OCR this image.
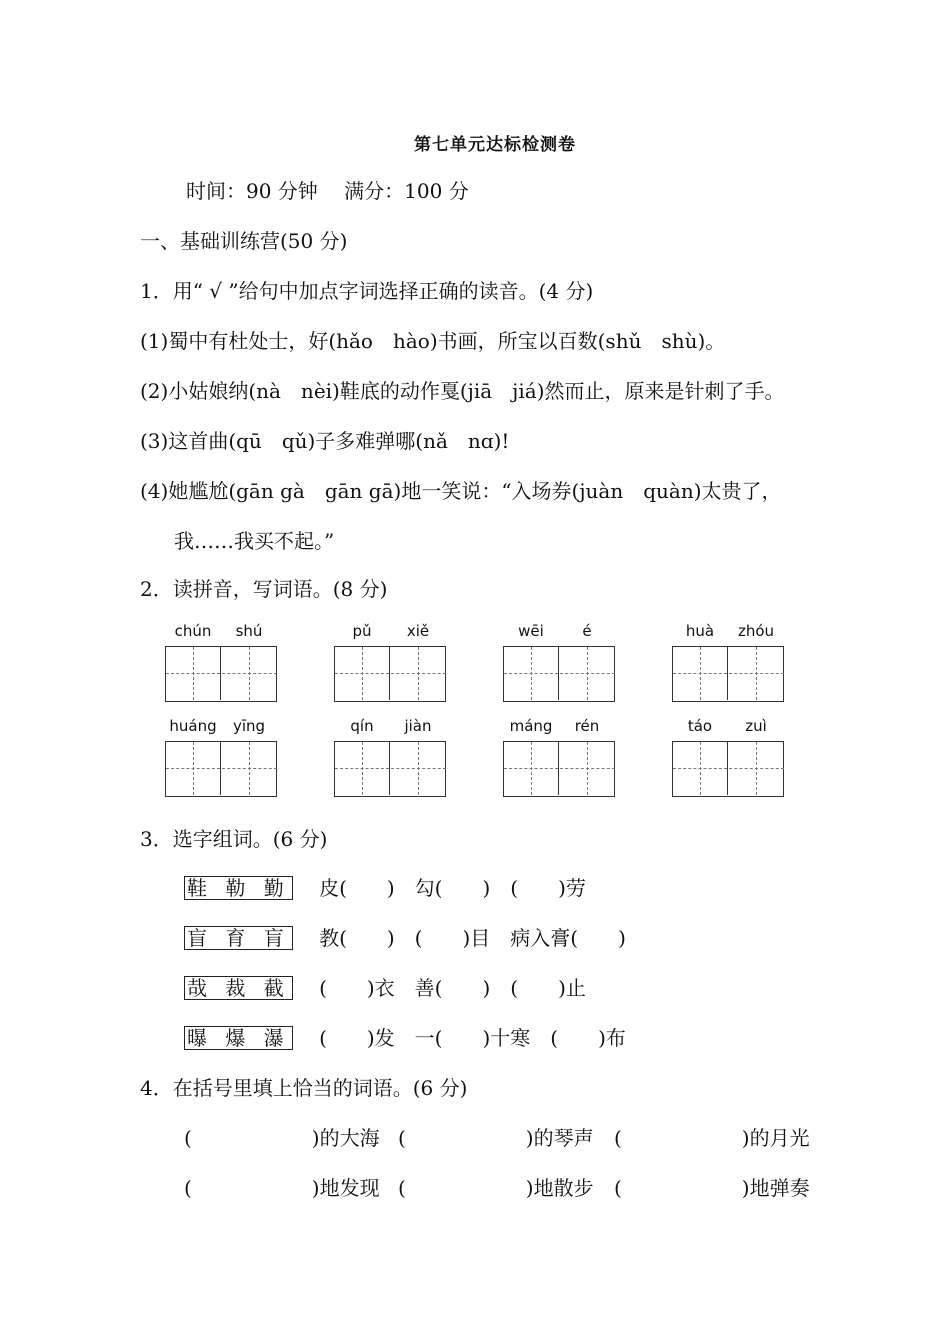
第七单元达标检测卷
时间：90 分钟　 满分：100 分
一、基础训练营(50 分)
1．用“ √ ”给句中加点字词选择正确的读音。(4 分)
(1)蜀中有杜处士，好(hǎo　hào)书画，所宝以百数(shǔ　shù)。
(2)小姑娘纳(nà　nèi)鞋底的动作戛(jiā　jiá)然而止，原来是针刺了手。
(3)这首曲(qū　qǔ)子多难弹哪(nǎ　nɑ)!
(4)她尴尬(gān gà　gān gā)地一笑说：“入场券(juàn　quàn)太贵了，
我……我买不起。”
2．读拼音，写词语。(8 分)
chún	shú	pǔ	xiě	wēi	é	huà	zhóu
huáng	yīng	qín	jiàn	máng	rén	táo	zuì
3．选字组词。(6 分)
鞋 勒 勤 皮(　　)　勾(　　)　(　　)劳
盲 育 肓 教(　　)　(　　)目　病入膏(　　)
哉 裁 截 (　　)衣　善(　　)　(　　)止
曝 爆 瀑 (　　)发　一(　　)十寒　(　　)布
4．在括号里填上恰当的词语。(6 分)
(　　　　　　)的大海 (　　　　　　)的琴声 (　　　　　　)的月光
(　　　　　　)地发现 (　　　　　　)地散步 (　　　　　　)地弹奏
